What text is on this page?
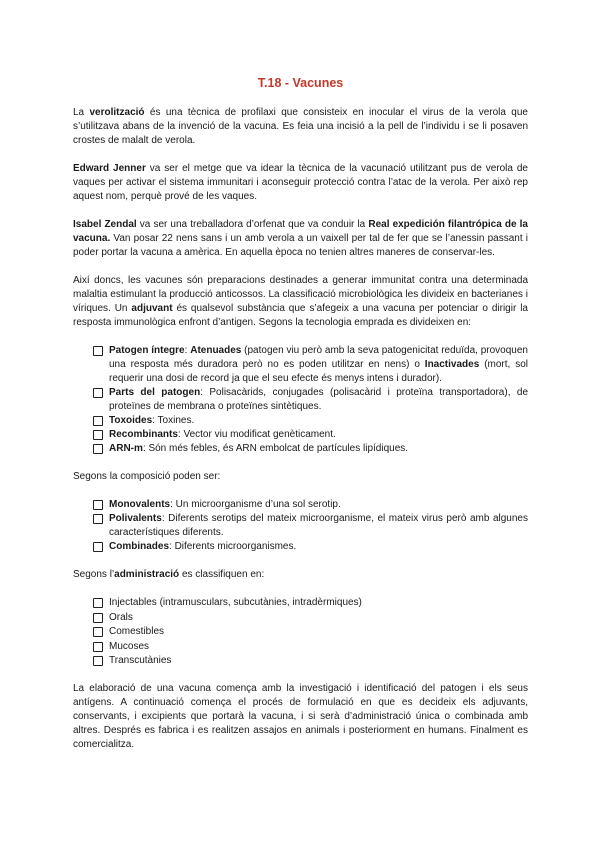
T.18 - Vacunes

La verolització és una tècnica de profilaxi que consisteix en inocular el virus de la verola que s’utilitzava abans de la invenció de la vacuna. Es feia una incisió a la pell de l’individu i se li posaven crostes de malalt de verola.

Edward Jenner va ser el metge que va idear la tècnica de la vacunació utilitzant pus de verola de vaques per activar el sistema immunitari i aconseguir protecció contra l’atac de la verola. Per això rep aquest nom, perquè prové de les vaques.

Isabel Zendal va ser una treballadora d’orfenat que va conduir la Real expedición filantrópica de la vacuna. Van posar 22 nens sans i un amb verola a un vaixell per tal de fer que se l’anessin passant i poder portar la vacuna a amèrica. En aquella època no tenien altres maneres de conservar-les.

Així doncs, les vacunes són preparacions destinades a generar immunitat contra una determinada malaltia estimulant la producció anticossos. La classificació microbiològica les divideix en bacterianes i víriques. Un adjuvant és qualsevol substància que s’afegeix a una vacuna per potenciar o dirigir la resposta immunològica enfront d’antigen. Segons la tecnologia emprada es divideixen en:

Patogen íntegre: Atenuades (patogen viu però amb la seva patogenicitat reduïda, provoquen una resposta més duradora però no es poden utilitzar en nens) o Inactivades (mort, sol requerir una dosi de record ja que el seu efecte és menys intens i durador).
Parts del patogen: Polisacàrids, conjugades (polisacàrid i proteïna transportadora), de proteïnes de membrana o proteïnes sintètiques.
Toxoides: Toxines.
Recombinants: Vector viu modificat genèticament.
ARN-m: Són més febles, és ARN embolcat de partícules lipídiques.

Segons la composició poden ser:

Monovalents: Un microorganisme d’una sol serotip.
Polivalents: Diferents serotips del mateix microorganisme, el mateix virus però amb algunes característiques diferents.
Combinades: Diferents microorganismes.

Segons l’administració es classifiquen en:

Injectables (intramusculars, subcutànies, intradèrmiques)
Orals
Comestibles
Mucoses
Transcutànies

La elaboració de una vacuna comença amb la investigació i identificació del patogen i els seus antígens. A continuació comença el procés de formulació en que es decideix els adjuvants, conservants, i excipients que portarà la vacuna, i si serà d’administració única o combinada amb altres. Després es fabrica i es realitzen assajos en animals i posteriorment en humans. Finalment es comercialitza.
